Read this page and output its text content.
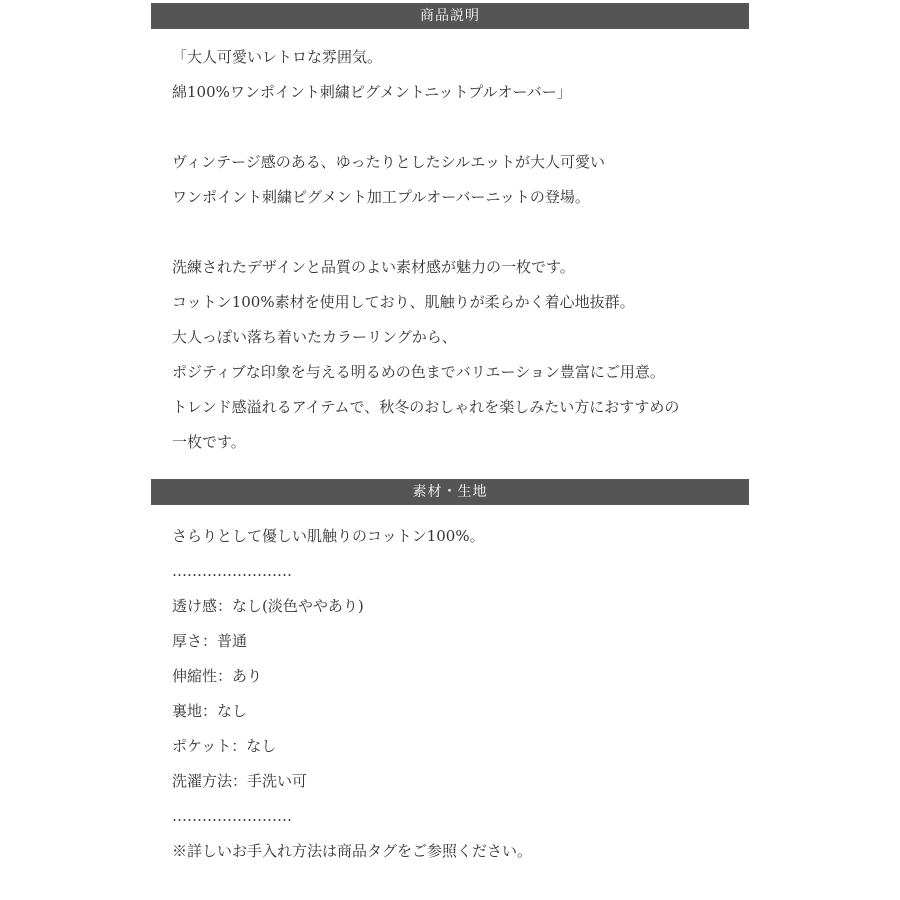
商品説明
「大人可愛いレトロな雰囲気。
綿100%ワンポイント刺繍ピグメントニットプルオーバー」
ヴィンテージ感のある、ゆったりとしたシルエットが大人可愛い
ワンポイント刺繍ピグメント加工プルオーバーニットの登場。
洗練されたデザインと品質のよい素材感が魅力の一枚です。
コットン100%素材を使用しており、肌触りが柔らかく着心地抜群。
大人っぽい落ち着いたカラーリングから、
ポジティブな印象を与える明るめの色までバリエーション豊富にご用意。
トレンド感溢れるアイテムで、秋冬のおしゃれを楽しみたい方におすすめの
一枚です。
素材・生地
さらりとして優しい肌触りのコットン100%。
……………………
透け感：なし(淡色ややあり)
厚さ：普通
伸縮性：あり
裏地：なし
ポケット：なし
洗濯方法：手洗い可
……………………
※詳しいお手入れ方法は商品タグをご参照ください。
